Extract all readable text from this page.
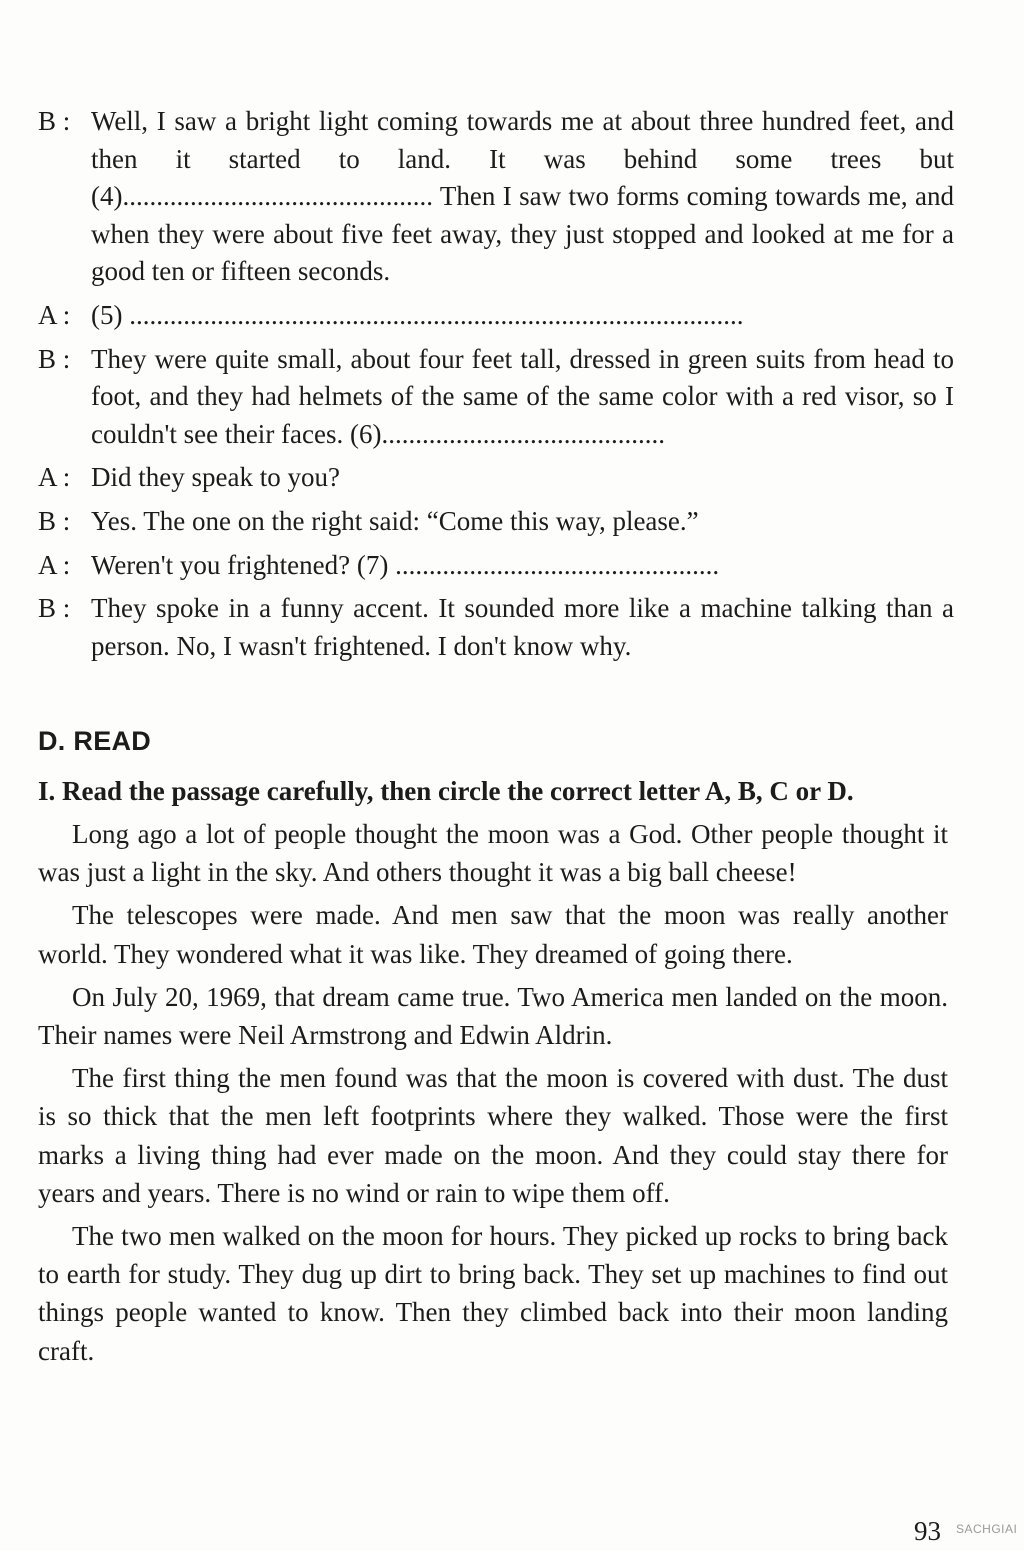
B : Well, I saw a bright light coming towards me at about three hundred feet, and then it started to land. It was behind some trees but (4).............................................. Then I saw two forms coming towards me, and when they were about five feet away, they just stopped and looked at me for a good ten or fifteen seconds.
A : (5) ...........................................................................................
B : They were quite small, about four feet tall, dressed in green suits from head to foot, and they had helmets of the same of the same color with a red visor, so I couldn't see their faces. (6)..........................................
A : Did they speak to you?
B : Yes. The one on the right said: “Come this way, please.”
A : Weren't you frightened? (7) ................................................
B : They spoke in a funny accent. It sounded more like a machine talking than a person. No, I wasn't frightened. I don't know why.
D. READ
I. Read the passage carefully, then circle the correct letter A, B, C or D.

Long ago a lot of people thought the moon was a God. Other people thought it was just a light in the sky. And others thought it was a big ball cheese!

The telescopes were made. And men saw that the moon was really another world. They wondered what it was like. They dreamed of going there.

On July 20, 1969, that dream came true. Two America men landed on the moon. Their names were Neil Armstrong and Edwin Aldrin.

The first thing the men found was that the moon is covered with dust. The dust is so thick that the men left footprints where they walked. Those were the first marks a living thing had ever made on the moon. And they could stay there for years and years. There is no wind or rain to wipe them off.

The two men walked on the moon for hours. They picked up rocks to bring back to earth for study. They dug up dirt to bring back. They set up machines to find out things people wanted to know. Then they climbed back into their moon landing craft.

93 SACHGIAI
